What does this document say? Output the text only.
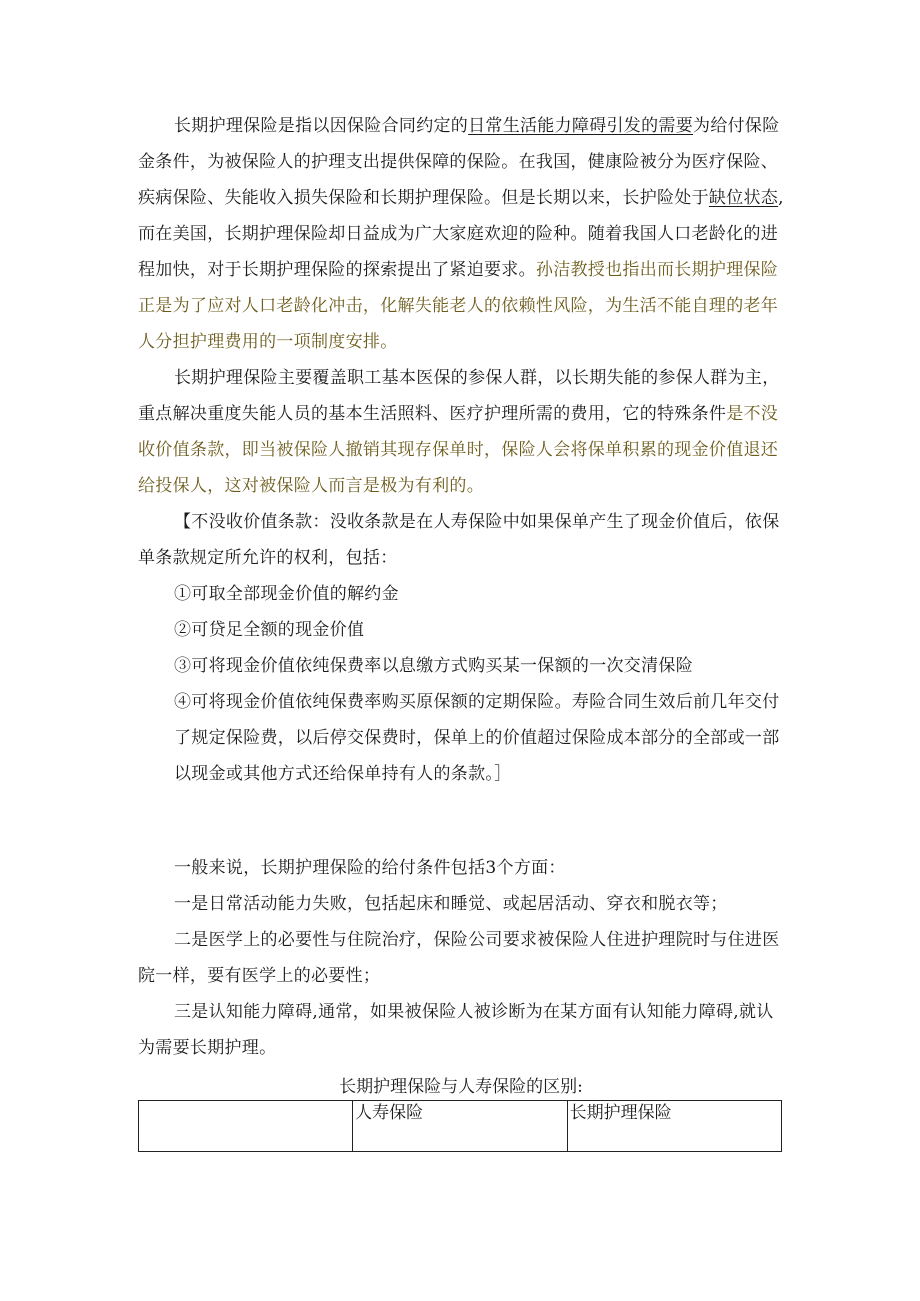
长期护理保险是指以因保险合同约定的日常生活能力障碍引发的需要为给付保险金条件，为被保险人的护理支出提供保障的保险。在我国，健康险被分为医疗保险、疾病保险、失能收入损失保险和长期护理保险。但是长期以来，长护险处于缺位状态,而在美国，长期护理保险却日益成为广大家庭欢迎的险种。随着我国人口老龄化的进程加快，对于长期护理保险的探索提出了紧迫要求。孙洁教授也指出而长期护理保险正是为了应对人口老龄化冲击，化解失能老人的依赖性风险，为生活不能自理的老年人分担护理费用的一项制度安排。

长期护理保险主要覆盖职工基本医保的参保人群，以长期失能的参保人群为主，重点解决重度失能人员的基本生活照料、医疗护理所需的费用，它的特殊条件是不没收价值条款，即当被保险人撤销其现存保单时，保险人会将保单积累的现金价值退还给投保人，这对被保险人而言是极为有利的。

【不没收价值条款：没收条款是在人寿保险中如果保单产生了现金价值后，依保单条款规定所允许的权利，包括：

①可取全部现金价值的解约金

②可贷足全额的现金价值

③可将现金价值依纯保费率以息缴方式购买某一保额的一次交清保险

④可将现金价值依纯保费率购买原保额的定期保险。寿险合同生效后前几年交付了规定保险费，以后停交保费时，保单上的价值超过保险成本部分的全部或一部以现金或其他方式还给保单持有人的条款。］

一般来说，长期护理保险的给付条件包括3个方面：

一是日常活动能力失败，包括起床和睡觉、或起居活动、穿衣和脱衣等；

二是医学上的必要性与住院治疗，保险公司要求被保险人住进护理院时与住进医院一样，要有医学上的必要性；

三是认知能力障碍,通常，如果被保险人被诊断为在某方面有认知能力障碍,就认为需要长期护理。

长期护理保险与人寿保险的区别:
	人寿保险	长期护理保险
